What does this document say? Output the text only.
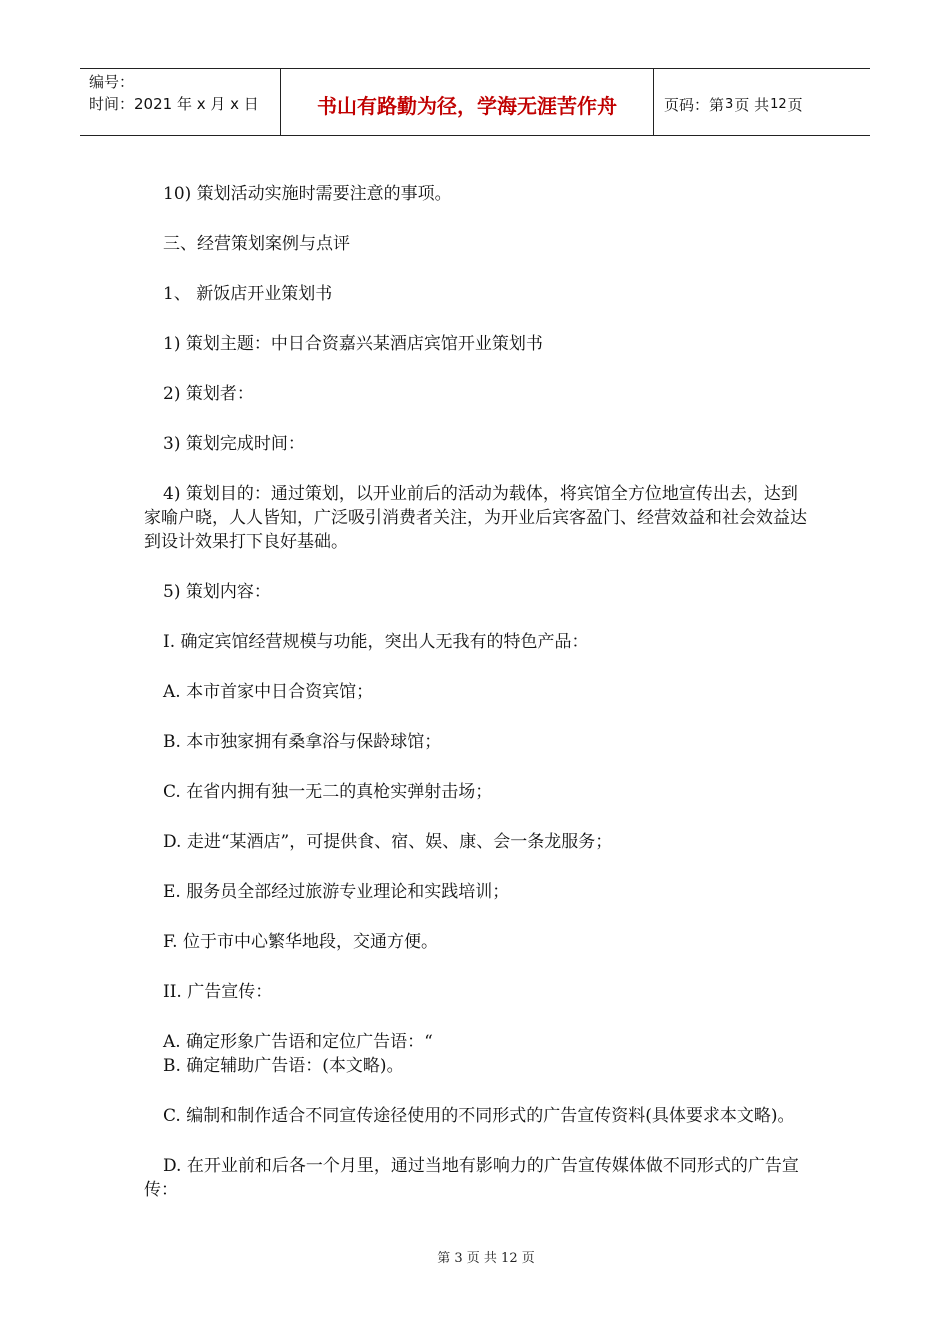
编号：
时间：2021 年 x 月 x 日	书山有路勤为径，学海无涯苦作舟	页码： 第 3 页 共 12 页

10) 策划活动实施时需要注意的事项。

三、经营策划案例与点评

1、 新饭店开业策划书

1) 策划主题：中日合资嘉兴某酒店宾馆开业策划书

2) 策划者：

3) 策划完成时间：

4) 策划目的：通过策划，以开业前后的活动为载体，将宾馆全方位地宣传出去，达到家喻户晓，人人皆知，广泛吸引消费者关注，为开业后宾客盈门、经营效益和社会效益达到设计效果打下良好基础。

5) 策划内容：

I. 确定宾馆经营规模与功能，突出人无我有的特色产品：

A. 本市首家中日合资宾馆；

B. 本市独家拥有桑拿浴与保龄球馆；

C. 在省内拥有独一无二的真枪实弹射击场；

D. 走进“某酒店”，可提供食、宿、娱、康、会一条龙服务；

E. 服务员全部经过旅游专业理论和实践培训；

F. 位于市中心繁华地段，交通方便。

II. 广告宣传：

A. 确定形象广告语和定位广告语：“

B. 确定辅助广告语：(本文略)。

C. 编制和制作适合不同宣传途径使用的不同形式的广告宣传资料(具体要求本文略)。

D. 在开业前和后各一个月里，通过当地有影响力的广告宣传媒体做不同形式的广告宣传：

第 3 页 共 12 页
